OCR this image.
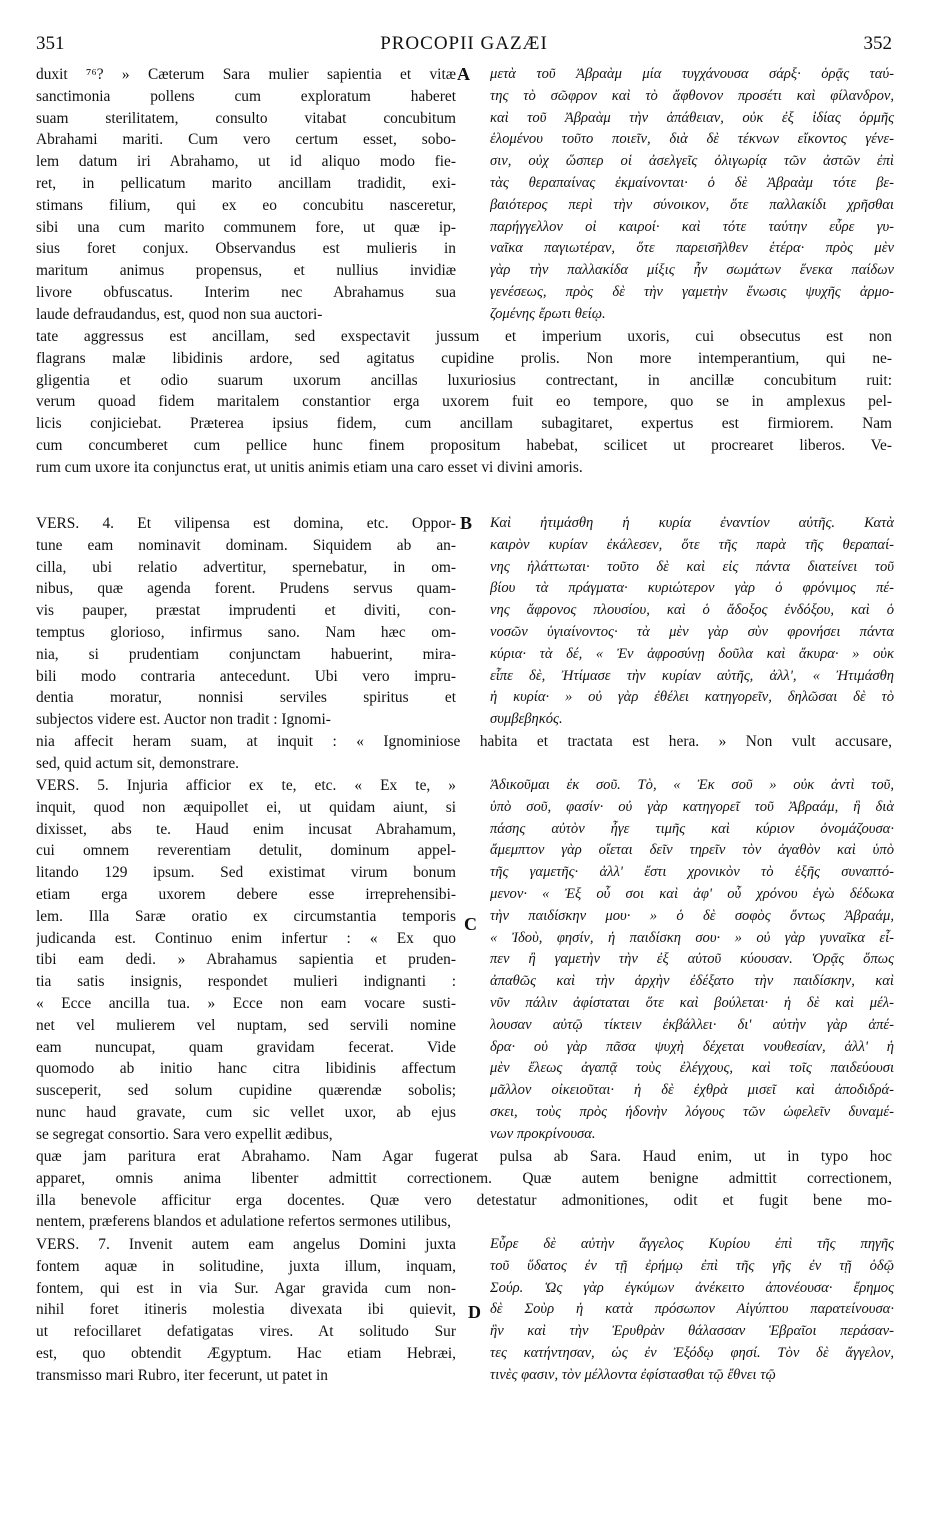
351	PROCOPII GAZÆI	352
A
B
C
D
duxit ⁷⁶? » Cæterum Sara mulier sapientia et vitæ
sanctimonia pollens cum exploratum haberet
suam sterilitatem, consulto vitabat concubitum
Abrahami mariti. Cum vero certum esset, sobo-
lem datum iri Abrahamo, ut id aliquo modo fie-
ret, in pellicatum marito ancillam tradidit, exi-
stimans filium, qui ex eo concubitu nasceretur,
sibi una cum marito communem fore, ut quæ ip-
sius foret conjux. Observandus est mulieris in
maritum animus propensus, et nullius invidiæ
livore obfuscatus. Interim nec Abrahamus sua
laude defraudandus, est, quod non sua auctori-
μετὰ τοῦ Ἀβραὰμ μία τυγχάνουσα σάρξ· ὁρᾷς ταύ-
της τὸ σῶφρον καὶ τὸ ἄφθονον προσέτι καὶ φίλανδρον,
καὶ τοῦ Ἀβραὰμ τὴν ἀπάθειαν, οὐκ ἐξ ἰδίας ὁρμῆς
ἑλομένου τοῦτο ποιεῖν, διὰ δὲ τέκνων εἴκοντος γένε-
σιν, οὐχ ὥσπερ οἱ ἀσελγεῖς ὀλιγωρίᾳ τῶν ἀστῶν ἐπὶ
τὰς θεραπαίνας ἐκμαίνονται· ὁ δὲ Ἀβραὰμ τότε βε-
βαιότερος περὶ τὴν σύνοικον, ὅτε παλλακίδι χρῆσθαι
παρήγγελλον οἱ καιροί· καὶ τότε ταύτην εὗρε γυ-
ναῖκα παγιωτέραν, ὅτε παρεισῆλθεν ἑτέρα· πρὸς μὲν
γὰρ τὴν παλλακίδα μίξις ἦν σωμάτων ἕνεκα παίδων
γενέσεως, πρὸς δὲ τὴν γαμετὴν ἕνωσις ψυχῆς ἁρμο-
ζομένης ἔρωτι θείῳ.
tate aggressus est ancillam, sed exspectavit jussum et imperium uxoris, cui obsecutus est non
flagrans malæ libidinis ardore, sed agitatus cupidine prolis. Non more intemperantium, qui ne-
gligentia et odio suarum uxorum ancillas luxuriosius contrectant, in ancillæ concubitum ruit:
verum quoad fidem maritalem constantior erga uxorem fuit eo tempore, quo se in amplexus pel-
licis conjiciebat. Præterea ipsius fidem, cum ancillam subagitaret, expertus est firmiorem. Nam
cum concumberet cum pellice hunc finem propositum habebat, scilicet ut procrearet liberos. Ve-
rum cum uxore ita conjunctus erat, ut unitis animis etiam una caro esset vi divini amoris.
VERS. 4. Et vilipensa est domina, etc. Oppor-
tune eam nominavit dominam. Siquidem ab an-
cilla, ubi relatio advertitur, spernebatur, in om-
nibus, quæ agenda forent. Prudens servus quam-
vis pauper, præstat imprudenti et diviti, con-
temptus glorioso, infirmus sano. Nam hæc om-
nia, si prudentiam conjunctam habuerint, mira-
bili modo contraria antecedunt. Ubi vero impru-
dentia moratur, nonnisi serviles spiritus et
subjectos videre est. Auctor non tradit : Ignomi-
Καὶ ἠτιμάσθη ἡ κυρία ἐναντίον αὐτῆς. Κατὰ
καιρὸν κυρίαν ἐκάλεσεν, ὅτε τῆς παρὰ τῆς θεραπαί-
νης ἡλάττωται· τοῦτο δὲ καὶ εἰς πάντα διατείνει τοῦ
βίου τὰ πράγματα· κυριώτερον γὰρ ὁ φρόνιμος πέ-
νης ἄφρονος πλουσίου, καὶ ὁ ἄδοξος ἐνδόξου, καὶ ὁ
νοσῶν ὑγιαίνοντος· τὰ μὲν γὰρ σὺν φρονήσει πάντα
κύρια· τὰ δέ, « Ἐν ἀφροσύνῃ δοῦλα καὶ ἄκυρα· » οὐκ
εἶπε δὲ, Ἠτίμασε τὴν κυρίαν αὐτῆς, ἀλλ', « Ἠτιμάσθη
ἡ κυρία· » οὐ γὰρ ἐθέλει κατηγορεῖν, δηλῶσαι δὲ τὸ
συμβεβηκός.
nia affecit heram suam, at inquit : « Ignominiose habita et tractata est hera. » Non vult accusare,
sed, quid actum sit, demonstrare.
VERS. 5. Injuria afficior ex te, etc. « Ex te, »
inquit, quod non æquipollet ei, ut quidam aiunt, si
dixisset, abs te. Haud enim incusat Abrahamum,
cui omnem reverentiam detulit, dominum appel-
litando 129 ipsum. Sed existimat virum bonum
etiam erga uxorem debere esse irreprehensibi-
lem. Illa Saræ oratio ex circumstantia temporis
judicanda est. Continuo enim infertur : « Ex quo
tibi eam dedi. » Abrahamus sapientia et pruden-
tia satis insignis, respondet mulieri indignanti :
« Ecce ancilla tua. » Ecce non eam vocare susti-
net vel mulierem vel nuptam, sed servili nomine
eam nuncupat, quam gravidam fecerat. Vide
quomodo ab initio hanc citra libidinis affectum
susceperit, sed solum cupidine quærendæ sobolis;
nunc haud gravate, cum sic vellet uxor, ab ejus
se segregat consortio. Sara vero expellit ædibus,
Ἀδικοῦμαι ἐκ σοῦ. Τὸ, « Ἐκ σοῦ » οὐκ ἀντὶ τοῦ,
ὑπὸ σοῦ, φασίν· οὐ γὰρ κατηγορεῖ τοῦ Ἀβραάμ, ἣ διὰ
πάσης αὐτὸν ἦγε τιμῆς καὶ κύριον ὀνομάζουσα·
ἄμεμπτον γὰρ οἴεται δεῖν τηρεῖν τὸν ἀγαθὸν καὶ ὑπὸ
τῆς γαμετῆς· ἀλλ' ἔστι χρονικὸν τὸ ἑξῆς συναπτό-
μενον· « Ἐξ οὗ σοι καὶ ἀφ' οὗ χρόνου ἐγὼ δέδωκα
τὴν παιδίσκην μου· » ὁ δὲ σοφὸς ὄντως Ἀβραάμ,
« Ἰδοὺ, φησίν, ἡ παιδίσκη σου· » οὐ γὰρ γυναῖκα εἶ-
πεν ἢ γαμετὴν τὴν ἐξ αὐτοῦ κύουσαν. Ὁρᾷς ὅπως
ἀπαθῶς καὶ τὴν ἀρχὴν ἐδέξατο τὴν παιδίσκην, καὶ
νῦν πάλιν ἀφίσταται ὅτε καὶ βούλεται· ἡ δὲ καὶ μέλ-
λουσαν αὐτῷ τίκτειν ἐκβάλλει· δι' αὐτὴν γὰρ ἀπέ-
δρα· οὐ γὰρ πᾶσα ψυχὴ δέχεται νουθεσίαν, ἀλλ' ἡ
μὲν ἔλεως ἀγαπᾷ τοὺς ἐλέγχους, καὶ τοῖς παιδεύουσι
μᾶλλον οἰκειοῦται· ἡ δὲ ἐχθρὰ μισεῖ καὶ ἀποδιδρά-
σκει, τοὺς πρὸς ἡδονὴν λόγους τῶν ὠφελεῖν δυναμέ-
νων προκρίνουσα.
quæ jam paritura erat Abrahamo. Nam Agar fugerat pulsa ab Sara. Haud enim, ut in typo hoc
apparet, omnis anima libenter admittit correctionem. Quæ autem benigne admittit correctionem,
illa benevole afficitur erga docentes. Quæ vero detestatur admonitiones, odit et fugit bene mo-
nentem, præferens blandos et adulatione refertos sermones utilibus,
VERS. 7. Invenit autem eam angelus Domini juxta
fontem aquæ in solitudine, juxta illum, inquam,
fontem, qui est in via Sur. Agar gravida cum non-
nihil foret itineris molestia divexata ibi quievit,
ut refocillaret defatigatas vires. At solitudo Sur
est, quo obtendit Ægyptum. Hac etiam Hebræi,
transmisso mari Rubro, iter fecerunt, ut patet in
Εὗρε δὲ αὐτὴν ἄγγελος Κυρίου ἐπὶ τῆς πηγῆς
τοῦ ὕδατος ἐν τῇ ἐρήμῳ ἐπὶ τῆς γῆς ἐν τῇ ὁδῷ
Σούρ. Ὡς γὰρ ἐγκύμων ἀνέκειτο ἀπονέουσα· ἔρημος
δὲ Σοὺρ ἡ κατὰ πρόσωπον Αἰγύπτου παρατείνουσα·
ἣν καὶ τὴν Ἐρυθρὰν θάλασσαν Ἑβραῖοι περάσαν-
τες κατήντησαν, ὡς ἐν Ἐξόδῳ φησί. Τὸν δὲ ἄγγελον,
τινὲς φασιν, τὸν μέλλοντα ἐφίστασθαι τῷ ἔθνει τῷ
